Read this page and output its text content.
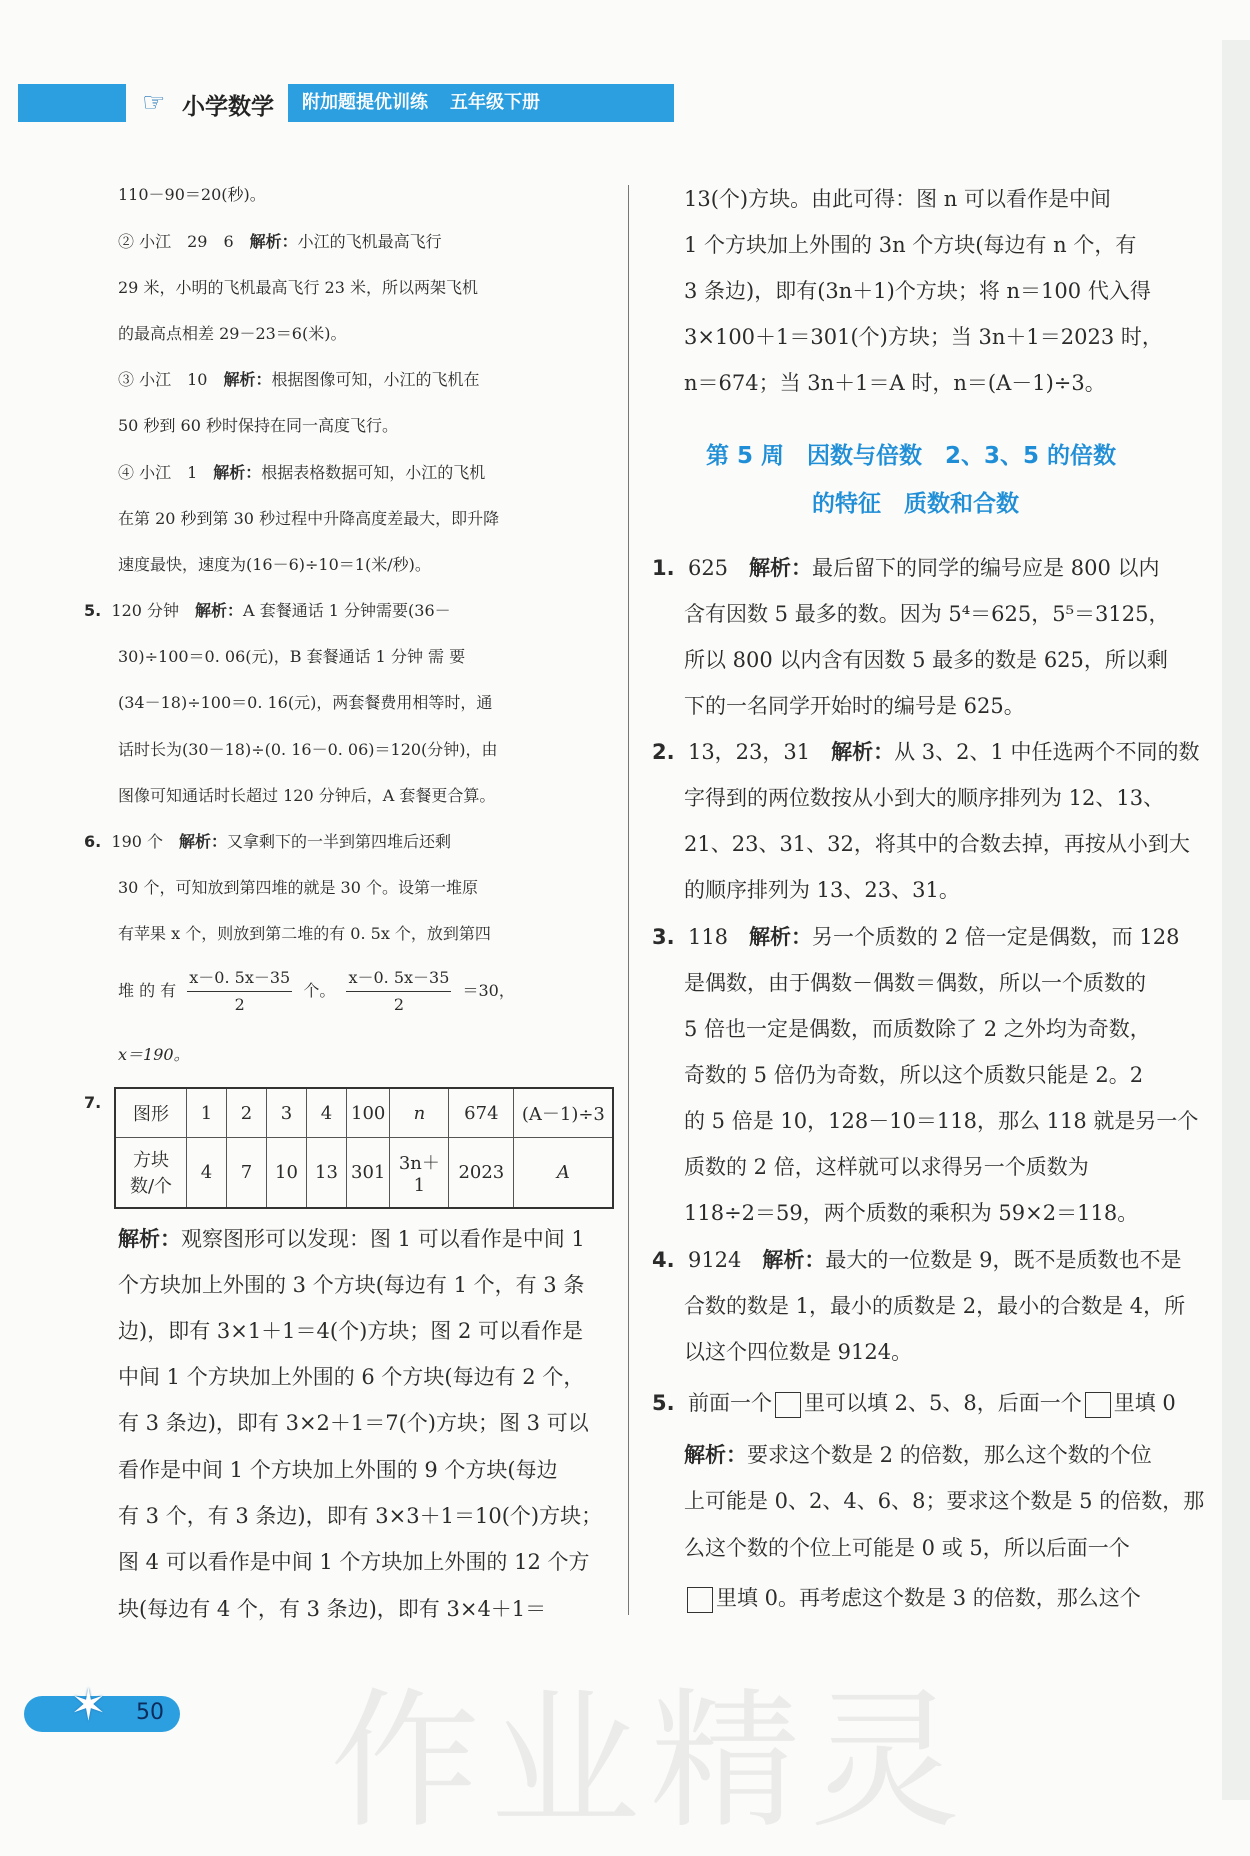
☞ 小学数学	附加题提优训练 五年级下册
110－90＝20(秒)。
② 小江　29　6　解析：小江的飞机最高飞行
29 米，小明的飞机最高飞行 23 米，所以两架飞机
的最高点相差 29－23＝6(米)。
③ 小江　10　解析：根据图像可知，小江的飞机在
50 秒到 60 秒时保持在同一高度飞行。
④ 小江　1　解析：根据表格数据可知，小江的飞机
在第 20 秒到第 30 秒过程中升降高度差最大，即升降
速度最快，速度为(16－6)÷10＝1(米/秒)。
5. 120 分钟　解析：A 套餐通话 1 分钟需要(36－
30)÷100＝0. 06(元)，B 套餐通话 1 分钟 需 要
(34－18)÷100＝0. 16(元)，两套餐费用相等时，通
话时长为(30－18)÷(0. 16－0. 06)＝120(分钟)，由
图像可知通话时长超过 120 分钟后，A 套餐更合算。
6. 190 个　解析：又拿剩下的一半到第四堆后还剩
30 个，可知放到第四堆的就是 30 个。设第一堆原
有苹果 x 个，则放到第二堆的有 0. 5x 个，放到第四
堆 的 有 $\frac{x-0. 5x-35}{2}$ 个。 $\frac{x-0. 5x-35}{2} =30$，
x＝190。
7.
图形	1	2	3	4	100	n	674	(A－1)÷3
方块
数/个	4	7	10	13	301	3n＋1	2023	A
解析：观察图形可以发现：图 1 可以看作是中间 1
个方块加上外围的 3 个方块(每边有 1 个，有 3 条
边)，即有 3×1＋1＝4(个)方块；图 2 可以看作是
中间 1 个方块加上外围的 6 个方块(每边有 2 个，
有 3 条边)，即有 3×2＋1＝7(个)方块；图 3 可以
看作是中间 1 个方块加上外围的 9 个方块(每边
有 3 个，有 3 条边)，即有 3×3＋1＝10(个)方块；
图 4 可以看作是中间 1 个方块加上外围的 12 个方
块(每边有 4 个，有 3 条边)，即有 3×4＋1＝
13(个)方块。由此可得：图 n 可以看作是中间
1 个方块加上外围的 3n 个方块(每边有 n 个，有
3 条边)，即有(3n＋1)个方块；将 n＝100 代入得
3×100＋1＝301(个)方块；当 3n＋1＝2023 时，
n＝674；当 3n＋1＝A 时，n＝(A－1)÷3。
第 5 周　因数与倍数　2、3、5 的倍数
的特征　质数和合数
1. 625　解析：最后留下的同学的编号应是 800 以内
含有因数 5 最多的数。因为 5⁴＝625，5⁵＝3125，
所以 800 以内含有因数 5 最多的数是 625，所以剩
下的一名同学开始时的编号是 625。
2. 13，23，31　解析：从 3、2、1 中任选两个不同的数
字得到的两位数按从小到大的顺序排列为 12、13、
21、23、31、32，将其中的合数去掉，再按从小到大
的顺序排列为 13、23、31。
3. 118　解析：另一个质数的 2 倍一定是偶数，而 128
是偶数，由于偶数－偶数＝偶数，所以一个质数的
5 倍也一定是偶数，而质数除了 2 之外均为奇数，
奇数的 5 倍仍为奇数，所以这个质数只能是 2。2
的 5 倍是 10，128－10＝118，那么 118 就是另一个
质数的 2 倍，这样就可以求得另一个质数为
118÷2＝59，两个质数的乘积为 59×2＝118。
4. 9124　解析：最大的一位数是 9，既不是质数也不是
合数的数是 1，最小的质数是 2，最小的合数是 4，所
以这个四位数是 9124。
5. 前面一个 里可以填 2、5、8，后面一个 里填 0
解析：要求这个数是 2 的倍数，那么这个数的个位
上可能是 0、2、4、6、8；要求这个数是 5 的倍数，那
么这个数的个位上可能是 0 或 5，所以后面一个
里填 0。再考虑这个数是 3 的倍数，那么这个
作业精灵
✶ 50
